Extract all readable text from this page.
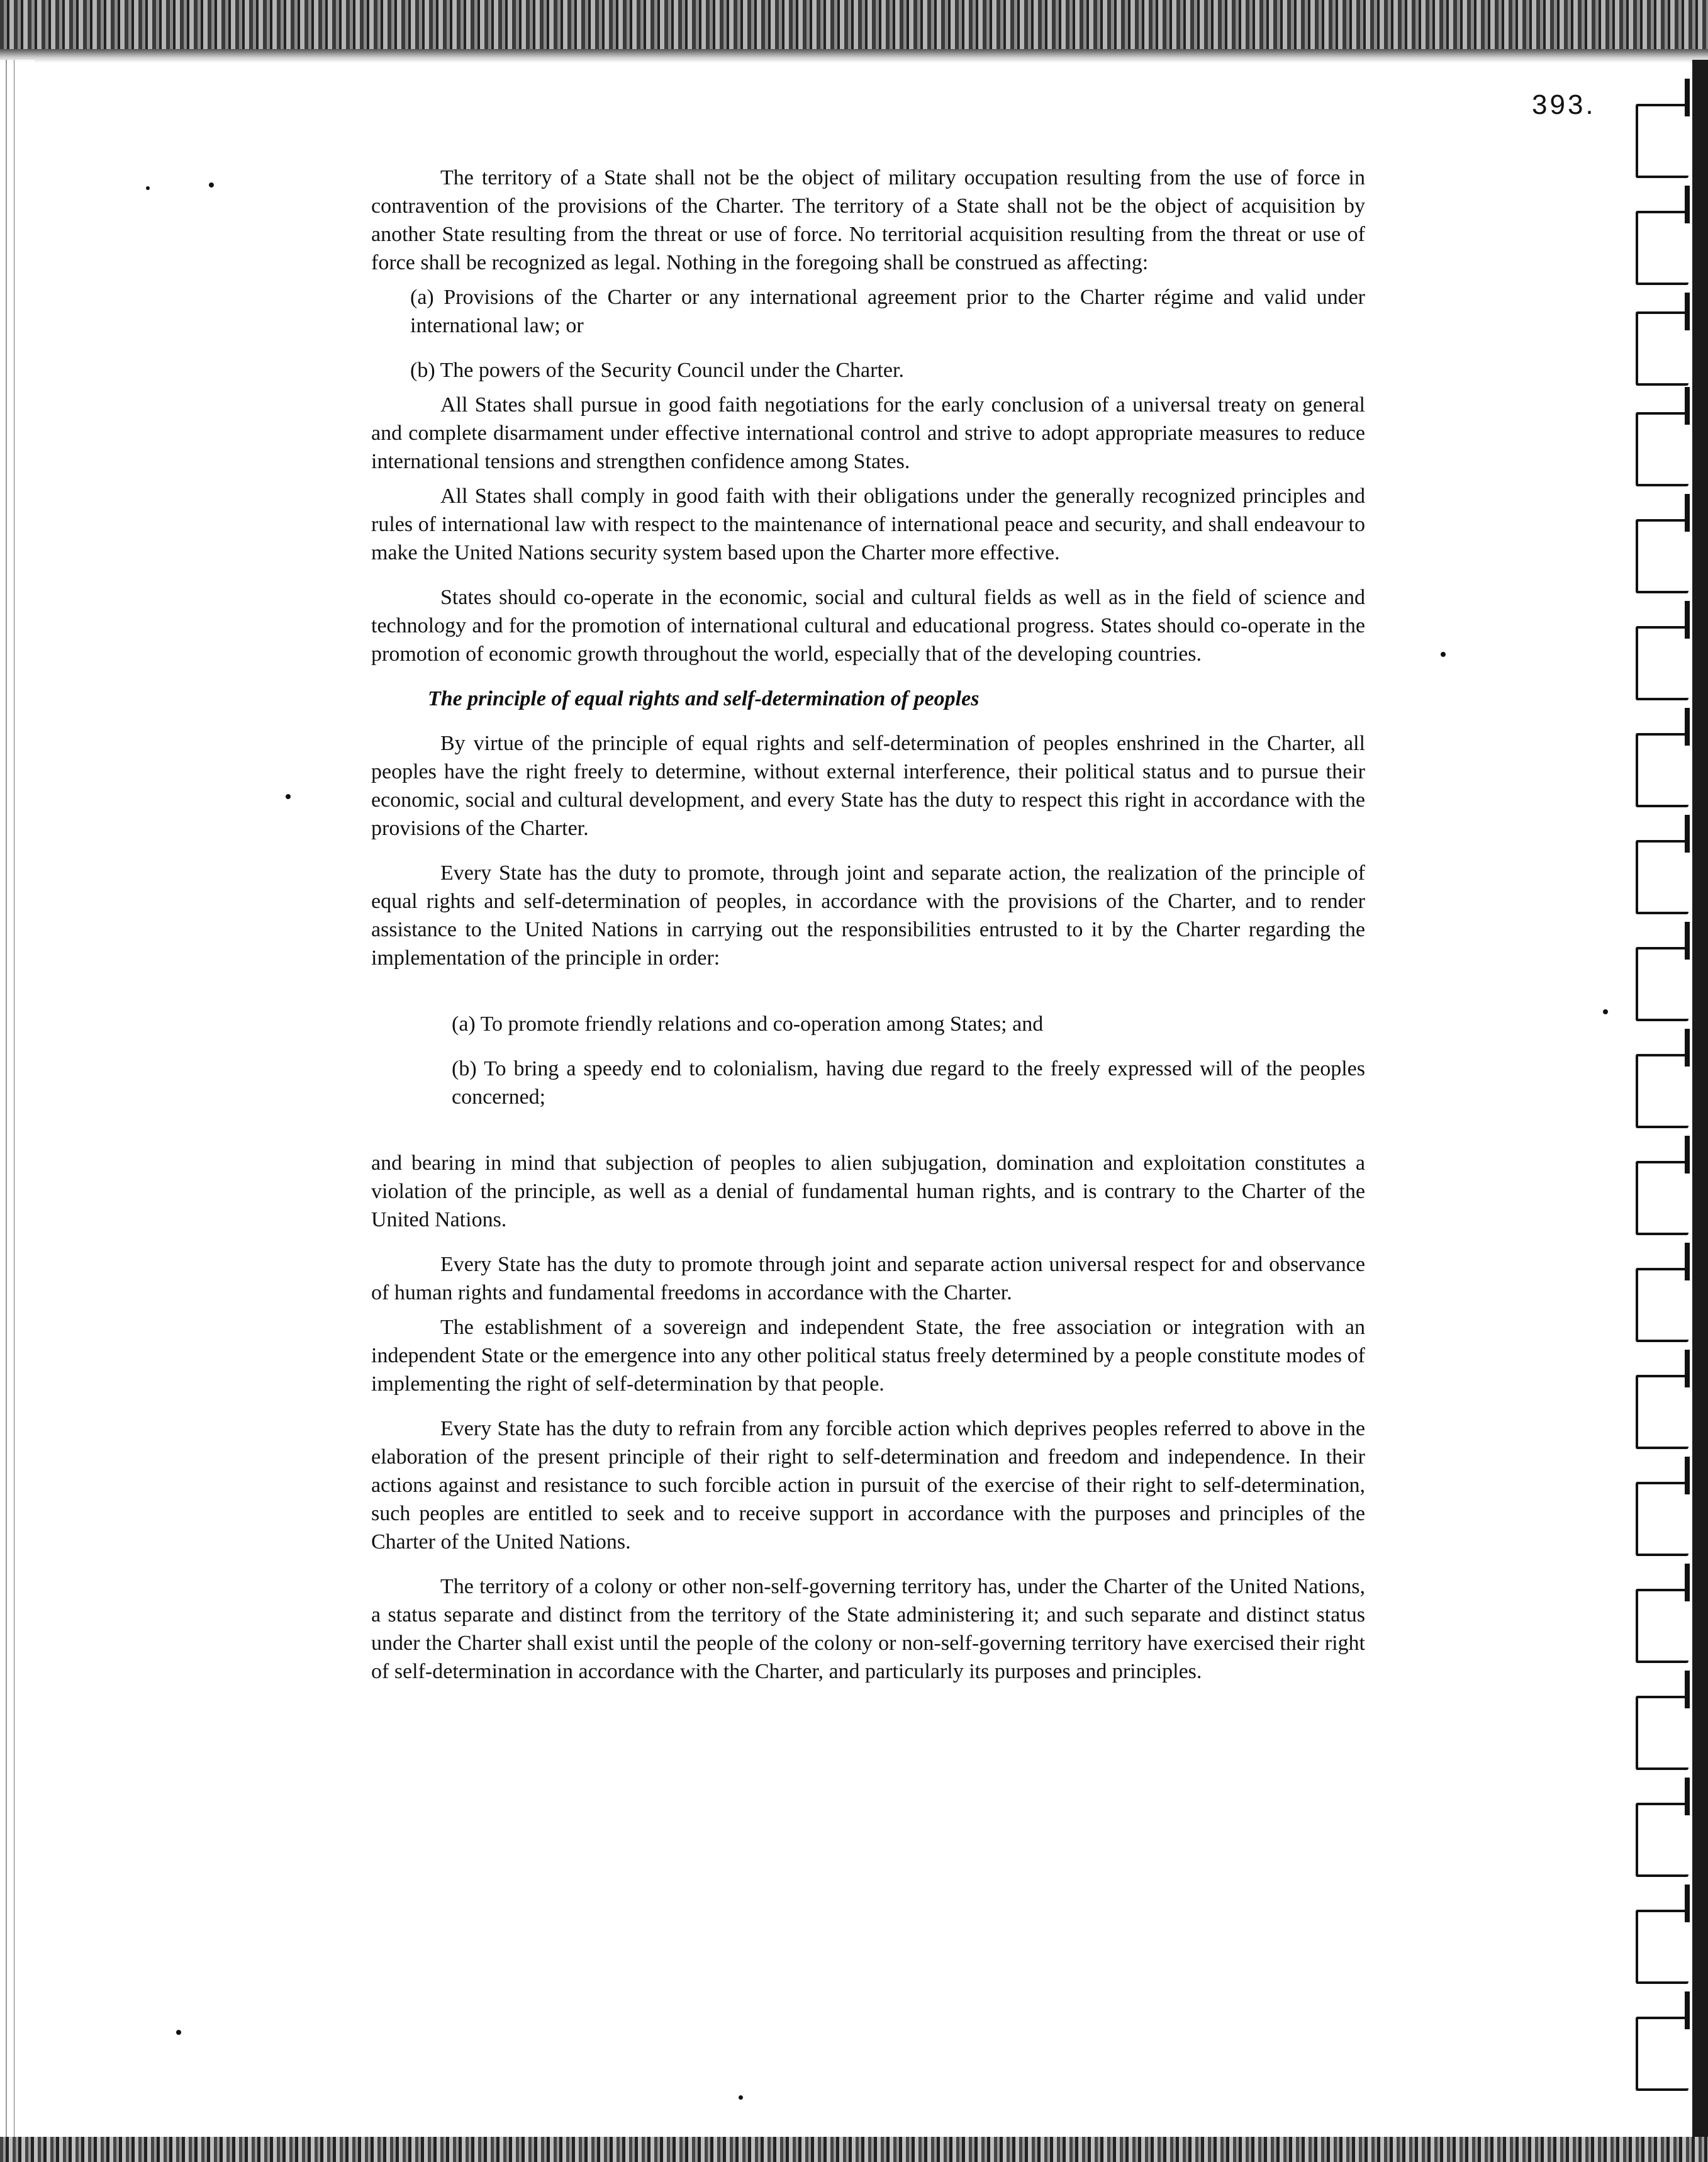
393.

The territory of a State shall not be the object of military occupation resulting from the use of force in contravention of the provisions of the Charter. The territory of a State shall not be the object of acquisition by another State resulting from the threat or use of force. No territorial acquisition resulting from the threat or use of force shall be recognized as legal. Nothing in the foregoing shall be construed as affecting:

(a) Provisions of the Charter or any international agreement prior to the Charter régime and valid under international law; or

(b) The powers of the Security Council under the Charter.

All States shall pursue in good faith negotiations for the early conclusion of a universal treaty on general and complete disarmament under effective international control and strive to adopt appropriate measures to reduce international tensions and strengthen confidence among States.

All States shall comply in good faith with their obligations under the generally recognized principles and rules of international law with respect to the maintenance of international peace and security, and shall endeavour to make the United Nations security system based upon the Charter more effective.

States should co-operate in the economic, social and cultural fields as well as in the field of science and technology and for the promotion of international cultural and educational progress. States should co-operate in the promotion of economic growth throughout the world, especially that of the developing countries.

The principle of equal rights and self-determination of peoples

By virtue of the principle of equal rights and self-determination of peoples enshrined in the Charter, all peoples have the right freely to determine, without external interference, their political status and to pursue their economic, social and cultural development, and every State has the duty to respect this right in accordance with the provisions of the Charter.

Every State has the duty to promote, through joint and separate action, the realization of the principle of equal rights and self-determination of peoples, in accordance with the provisions of the Charter, and to render assistance to the United Nations in carrying out the responsibilities entrusted to it by the Charter regarding the implementation of the principle in order:

(a) To promote friendly relations and co-operation among States; and

(b) To bring a speedy end to colonialism, having due regard to the freely expressed will of the peoples concerned;

and bearing in mind that subjection of peoples to alien subjugation, domination and exploitation constitutes a violation of the principle, as well as a denial of fundamental human rights, and is contrary to the Charter of the United Nations.

Every State has the duty to promote through joint and separate action universal respect for and observance of human rights and fundamental freedoms in accordance with the Charter.

The establishment of a sovereign and independent State, the free association or integration with an independent State or the emergence into any other political status freely determined by a people constitute modes of implementing the right of self-determination by that people.

Every State has the duty to refrain from any forcible action which deprives peoples referred to above in the elaboration of the present principle of their right to self-determination and freedom and independence. In their actions against and resistance to such forcible action in pursuit of the exercise of their right to self-determination, such peoples are entitled to seek and to receive support in accordance with the purposes and principles of the Charter of the United Nations.

The territory of a colony or other non-self-governing territory has, under the Charter of the United Nations, a status separate and distinct from the territory of the State administering it; and such separate and distinct status under the Charter shall exist until the people of the colony or non-self-governing territory have exercised their right of self-determination in accordance with the Charter, and particularly its purposes and principles.
